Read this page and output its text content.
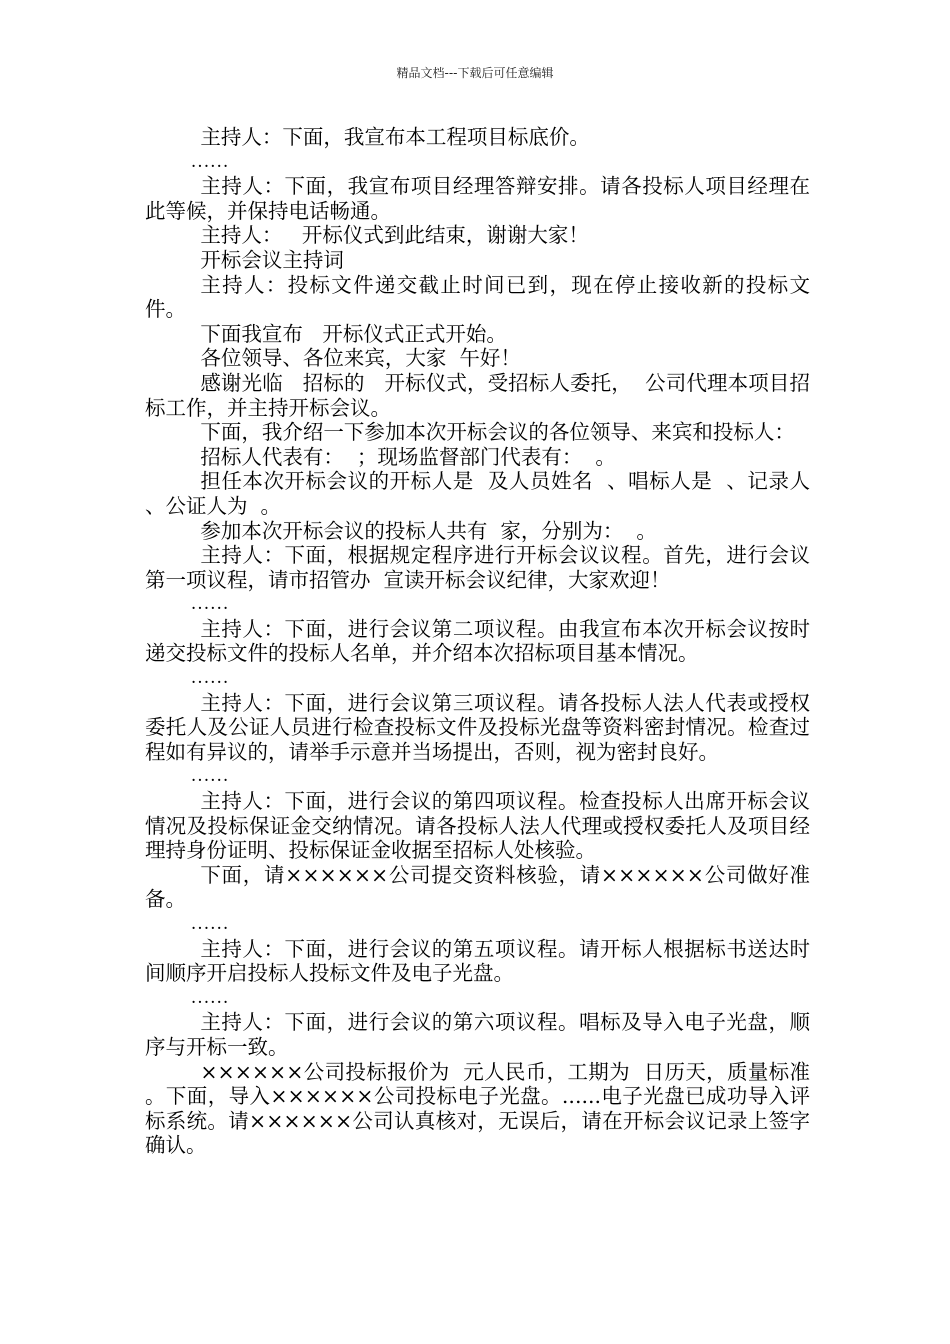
精品文档---下载后可任意编辑

主持人：下面，我宣布本工程项目标底价。

......

主持人：下面，我宣布项目经理答辩安排。请各投标人项目经理在此等候，并保持电话畅通。

主持人：   开标仪式到此结束，谢谢大家！

开标会议主持词

主持人：投标文件递交截止时间已到，现在停止接收新的投标文件。

下面我宣布   开标仪式正式开始。

各位领导、各位来宾，大家  午好！

感谢光临   招标的   开标仪式，受招标人委托，  公司代理本项目招标工作，并主持开标会议。

下面，我介绍一下参加本次开标会议的各位领导、来宾和投标人：

招标人代表有：  ；现场监督部门代表有：  。

担任本次开标会议的开标人是  及人员姓名  、唱标人是  、记录人  、公证人为  。

参加本次开标会议的投标人共有  家，分别为：  。

主持人：下面，根据规定程序进行开标会议议程。首先，进行会议第一项议程，请市招管办  宣读开标会议纪律，大家欢迎！

......

主持人：下面，进行会议第二项议程。由我宣布本次开标会议按时递交投标文件的投标人名单，并介绍本次招标项目基本情况。

......

主持人：下面，进行会议第三项议程。请各投标人法人代表或授权委托人及公证人员进行检查投标文件及投标光盘等资料密封情况。检查过程如有异议的，请举手示意并当场提出，否则，视为密封良好。

......

主持人：下面，进行会议的第四项议程。检查投标人出席开标会议情况及投标保证金交纳情况。请各投标人法人代理或授权委托人及项目经理持身份证明、投标保证金收据至招标人处核验。

下面，请××××××公司提交资料核验，请××××××公司做好准备。

......

主持人：下面，进行会议的第五项议程。请开标人根据标书送达时间顺序开启投标人投标文件及电子光盘。

......

主持人：下面，进行会议的第六项议程。唱标及导入电子光盘，顺序与开标一致。

××××××公司投标报价为  元人民币，工期为  日历天，质量标准  。下面，导入××××××公司投标电子光盘。......电子光盘已成功导入评标系统。请××××××公司认真核对，无误后，请在开标会议记录上签字确认。
